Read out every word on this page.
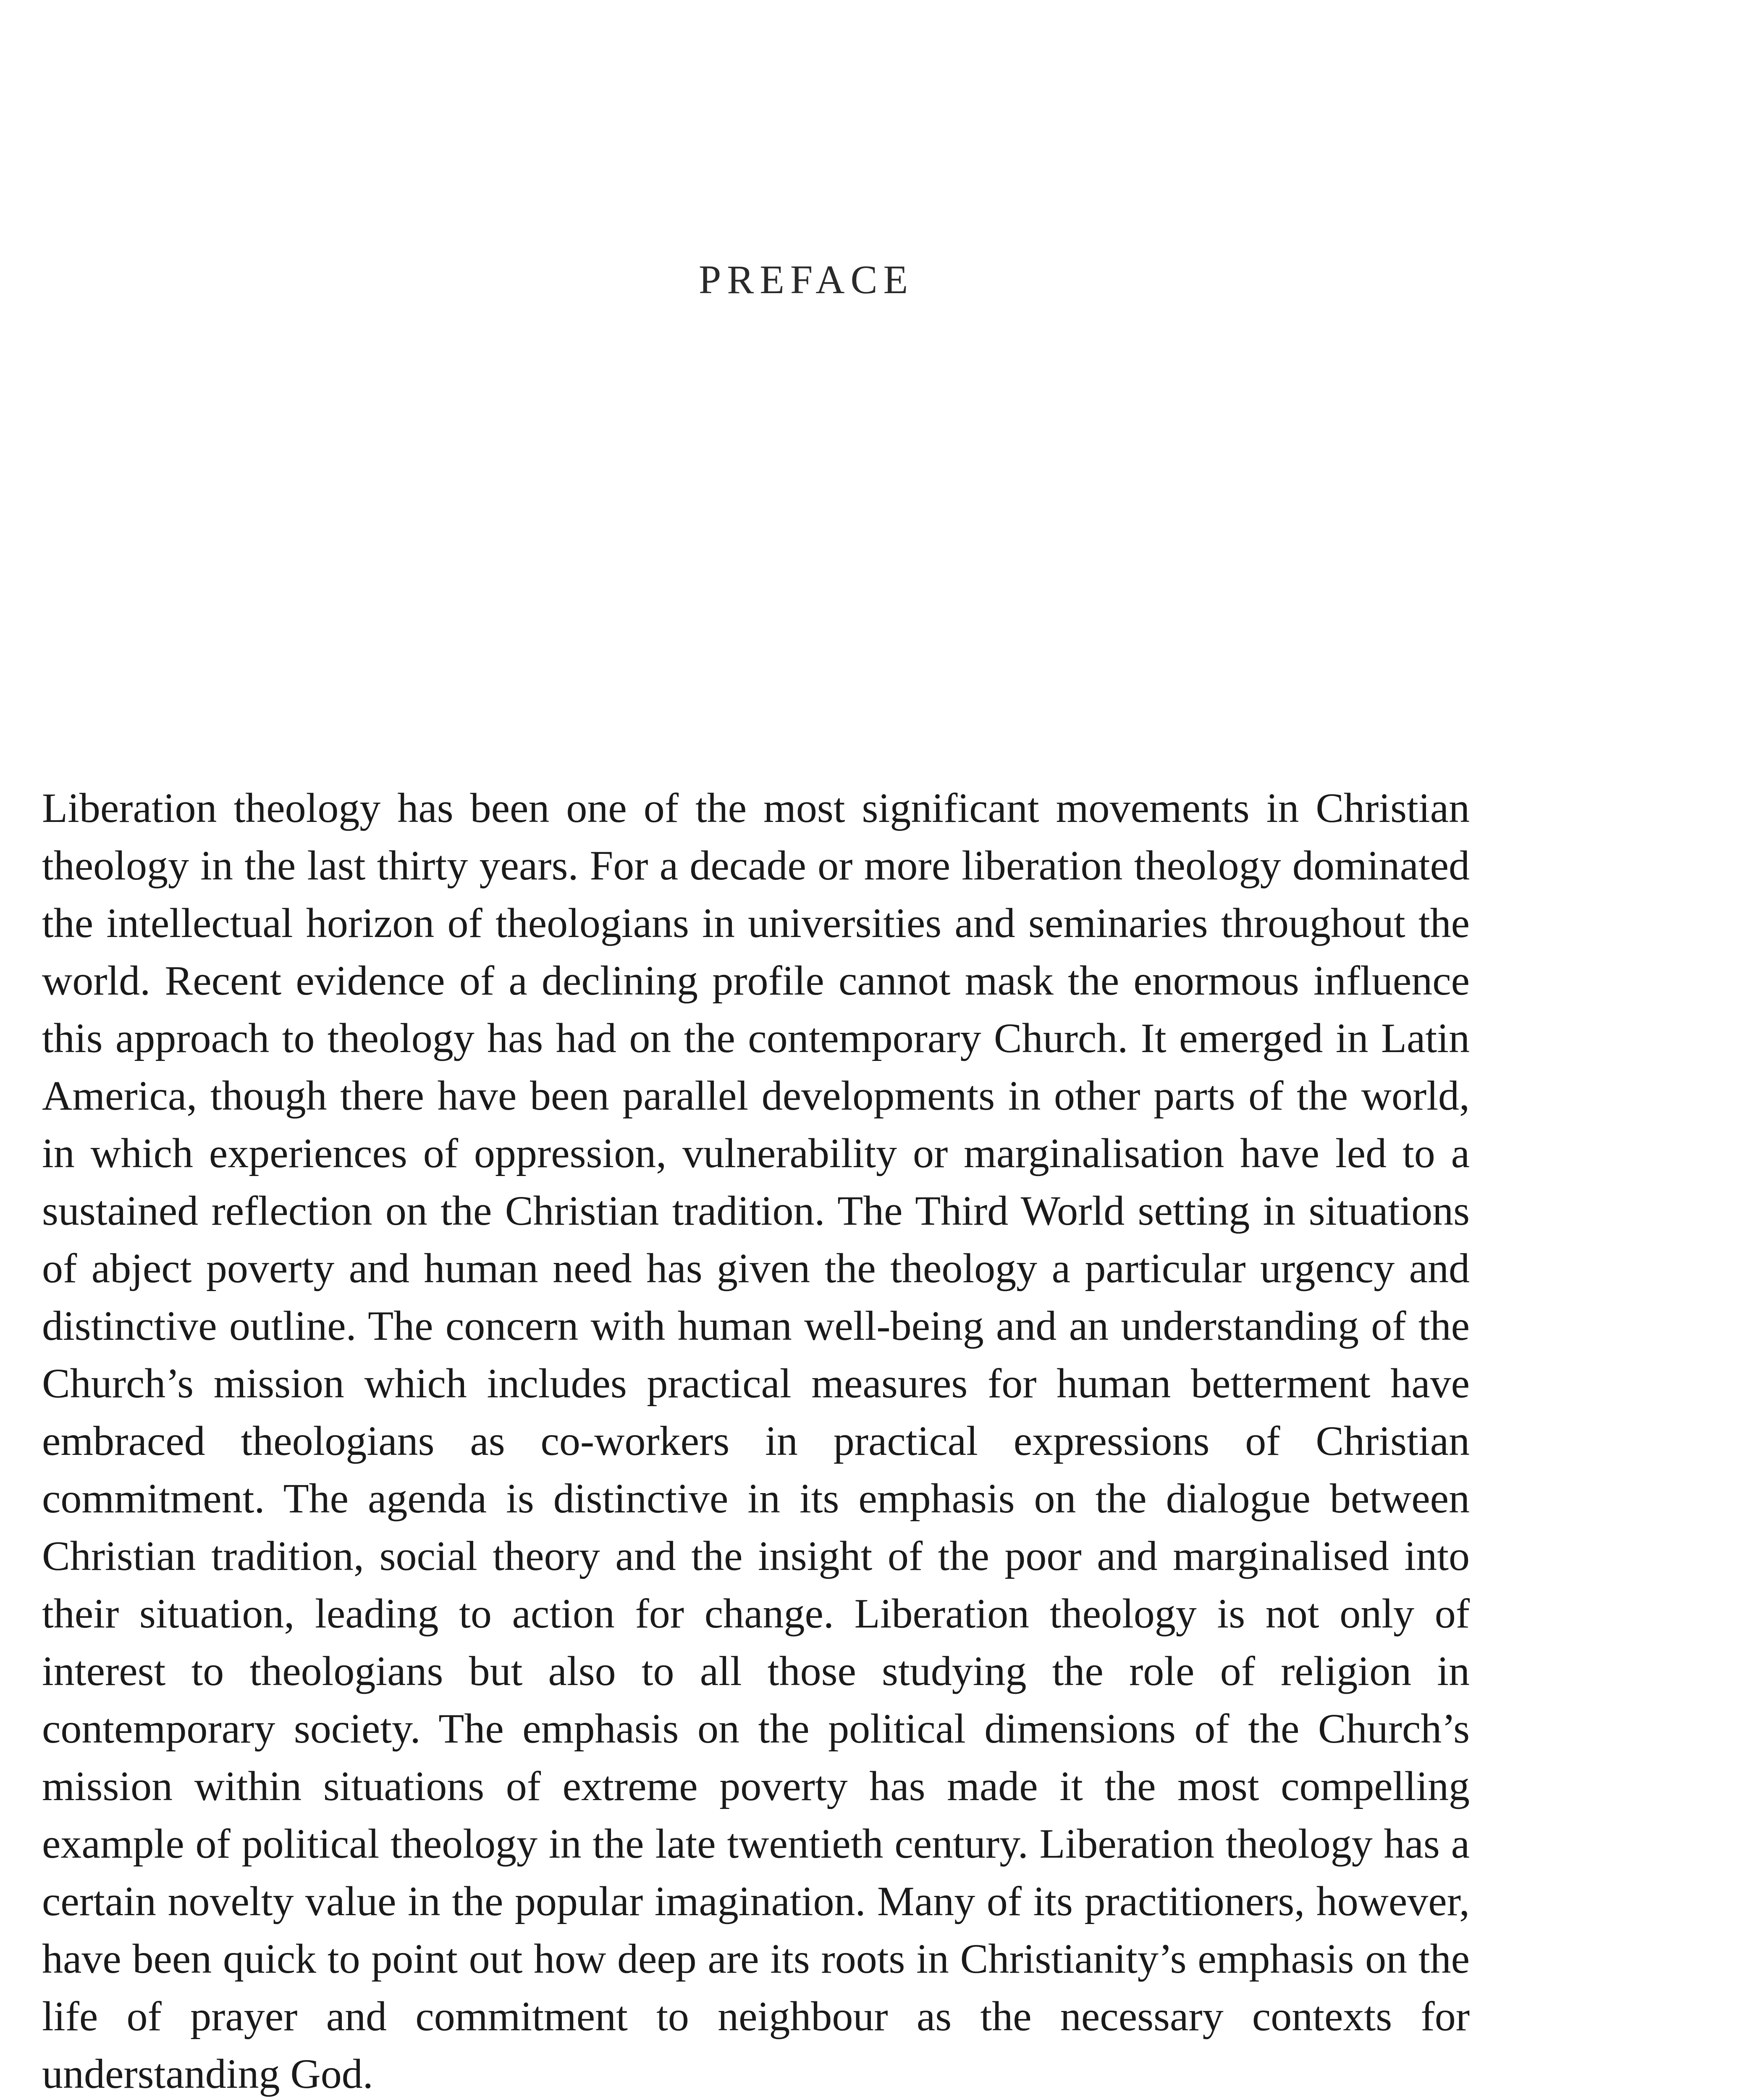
PREFACE

Liberation theology has been one of the most significant movements in Christian theology in the last thirty years. For a decade or more liberation theology dominated the intellectual horizon of theologians in universities and seminaries throughout the world. Recent evidence of a declining profile cannot mask the enormous influence this approach to theology has had on the contemporary Church. It emerged in Latin America, though there have been parallel developments in other parts of the world, in which experiences of oppression, vulnerability or marginalisation have led to a sustained reflection on the Christian tradition. The Third World setting in situations of abject poverty and human need has given the theology a particular urgency and distinctive outline. The concern with human well-being and an understanding of the Church’s mission which includes practical measures for human betterment have embraced theologians as co-workers in practical expressions of Christian commitment. The agenda is distinctive in its emphasis on the dialogue between Christian tradition, social theory and the insight of the poor and marginalised into their situation, leading to action for change. Liberation theology is not only of interest to theologians but also to all those studying the role of religion in contemporary society. The emphasis on the political dimensions of the Church’s mission within situations of extreme poverty has made it the most compelling example of political theology in the late twentieth century. Liberation theology has a certain novelty value in the popular imagination. Many of its practitioners, however, have been quick to point out how deep are its roots in Christianity’s emphasis on the life of prayer and commitment to neighbour as the necessary contexts for understanding God.
